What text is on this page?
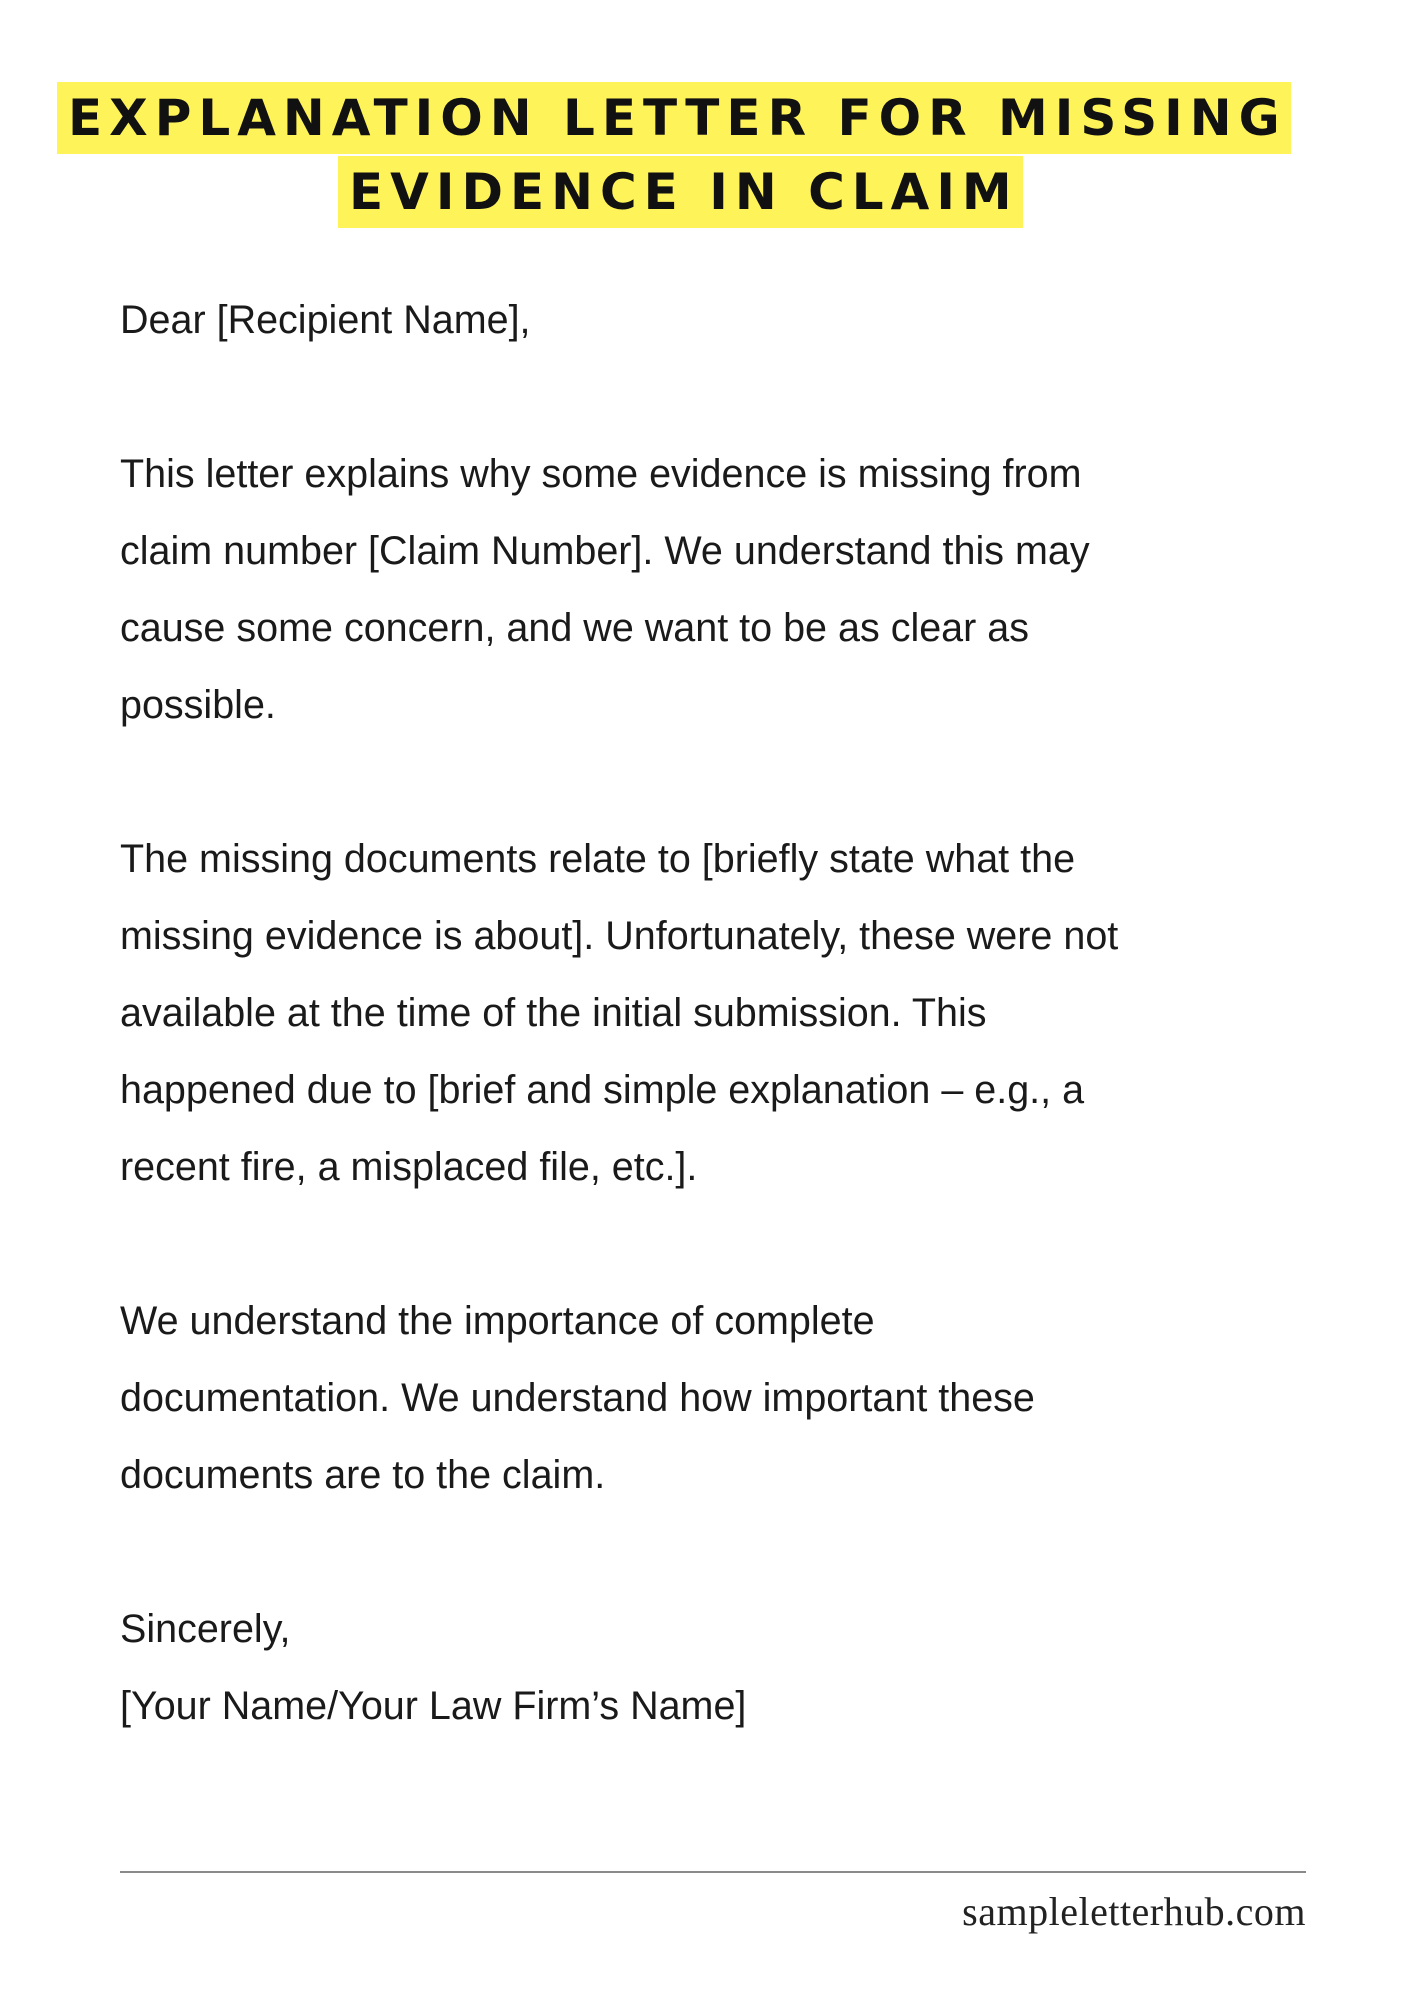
EXPLANATION LETTER FOR MISSING
EVIDENCE IN CLAIM

Dear [Recipient Name],

This letter explains why some evidence is missing from
claim number [Claim Number]. We understand this may
cause some concern, and we want to be as clear as
possible.

The missing documents relate to [briefly state what the
missing evidence is about]. Unfortunately, these were not
available at the time of the initial submission. This
happened due to [brief and simple explanation – e.g., a
recent fire, a misplaced file, etc.].

We understand the importance of complete
documentation. We understand how important these
documents are to the claim.

Sincerely,

[Your Name/Your Law Firm’s Name]

sampleletterhub.com
